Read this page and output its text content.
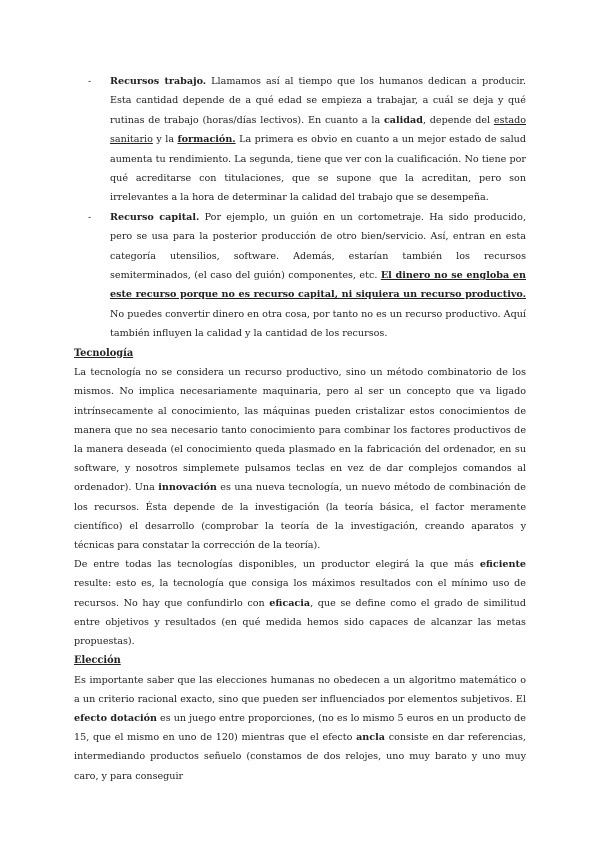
- Recursos trabajo. Llamamos así al tiempo que los humanos dedican a producir. Esta cantidad depende de a qué edad se empieza a trabajar, a cuál se deja y qué rutinas de trabajo (horas/días lectivos). En cuanto a la calidad, depende del estado sanitario y la formación. La primera es obvio en cuanto a un mejor estado de salud aumenta tu rendimiento. La segunda, tiene que ver con la cualificación. No tiene por qué acreditarse con titulaciones, que se supone que la acreditan, pero son irrelevantes a la hora de determinar la calidad del trabajo que se desempeña.
- Recurso capital. Por ejemplo, un guión en un cortometraje. Ha sido producido, pero se usa para la posterior producción de otro bien/servicio. Así, entran en esta categoría utensilios, software. Además, estarían también los recursos semiterminados, (el caso del guión) componentes, etc. El dinero no se engloba en este recurso porque no es recurso capital, ni siquiera un recurso productivo. No puedes convertir dinero en otra cosa, por tanto no es un recurso productivo. Aquí también influyen la calidad y la cantidad de los recursos.
Tecnología

La tecnología no se considera un recurso productivo, sino un método combinatorio de los mismos. No implica necesariamente maquinaria, pero al ser un concepto que va ligado intrínsecamente al conocimiento, las máquinas pueden cristalizar estos conocimientos de manera que no sea necesario tanto conocimiento para combinar los factores productivos de la manera deseada (el conocimiento queda plasmado en la fabricación del ordenador, en su software, y nosotros simplemete pulsamos teclas en vez de dar complejos comandos al ordenador). Una innovación es una nueva tecnología, un nuevo método de combinación de los recursos. Ésta depende de la investigación (la teoría básica, el factor meramente científico) el desarrollo (comprobar la teoría de la investigación, creando aparatos y técnicas para constatar la corrección de la teoría).

De entre todas las tecnologías disponibles, un productor elegirá la que más eficiente resulte: esto es, la tecnología que consiga los máximos resultados con el mínimo uso de recursos. No hay que confundirlo con eficacia, que se define como el grado de similitud entre objetivos y resultados (en qué medida hemos sido capaces de alcanzar las metas propuestas).

Elección

Es importante saber que las elecciones humanas no obedecen a un algoritmo matemático o a un criterio racional exacto, sino que pueden ser influenciados por elementos subjetivos. El efecto dotación es un juego entre proporciones, (no es lo mismo 5 euros en un producto de 15, que el mismo en uno de 120) mientras que el efecto ancla consiste en dar referencias, intermediando productos señuelo (constamos de dos relojes, uno muy barato y uno muy caro, y para conseguir
